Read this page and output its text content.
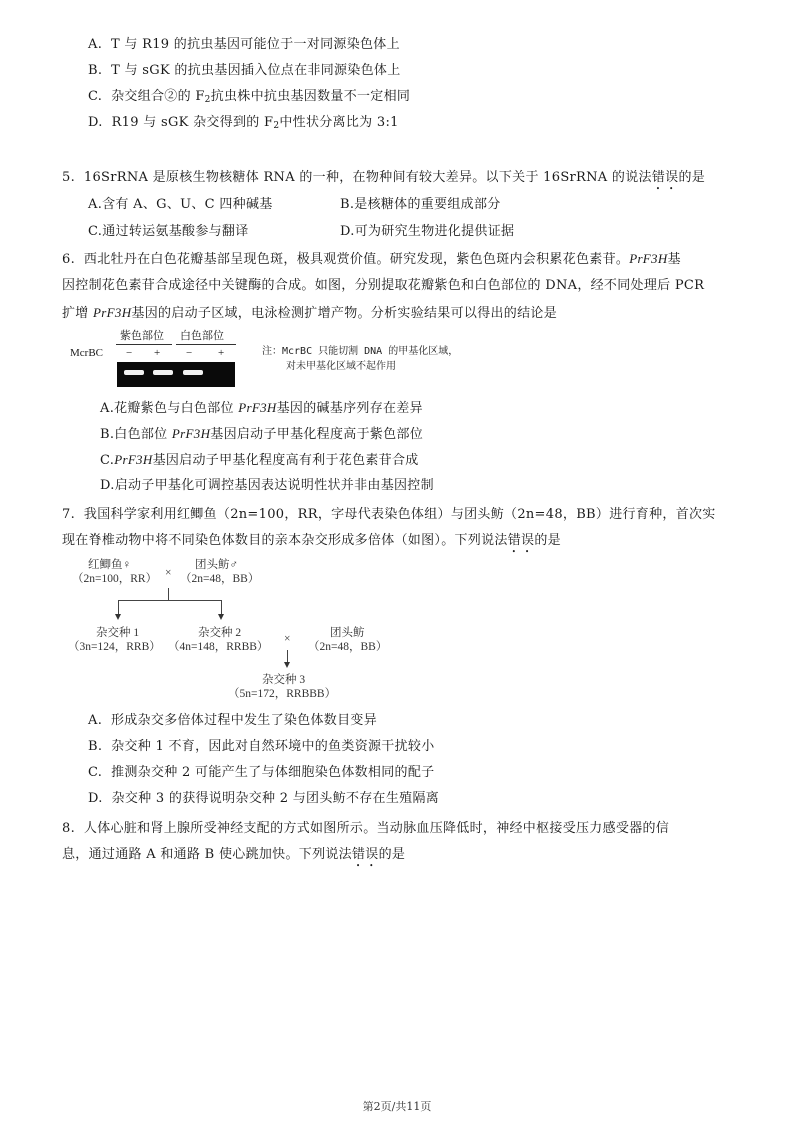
A. T 与 R19 的抗虫基因可能位于一对同源染色体上
B. T 与 sGK 的抗虫基因插入位点在非同源染色体上
C. 杂交组合②的 $F_2$抗虫株中抗虫基因数量不一定相同
D. R19 与 sGK 杂交得到的 $F_2$中性状分离比为 3:1
5. 16SrRNA 是原核生物核糖体 RNA 的一种，在物种间有较大差异。以下关于 16SrRNA 的说法错误的是
A.含有 A、G、U、C 四种碱基	B.是核糖体的重要组成部分
C.通过转运氨基酸参与翻译	D.可为研究生物进化提供证据
6. 西北牡丹在白色花瓣基部呈现色斑，极具观赏价值。研究发现，紫色色斑内会积累花色素苷。PrF3H基
因控制花色素苷合成途径中关键酶的合成。如图，分别提取花瓣紫色和白色部位的 DNA，经不同处理后 PCR
扩增 PrF3H基因的启动子区域，电泳检测扩增产物。分析实验结果可以得出的结论是
紫色部位 白色部位
McrBC − + − +	注：McrBC 只能切割 DNA 的甲基化区域，
对未甲基化区域不起作用
A.花瓣紫色与白色部位 PrF3H基因的碱基序列存在差异
B.白色部位 PrF3H基因启动子甲基化程度高于紫色部位
C.PrF3H基因启动子甲基化程度高有利于花色素苷合成
D.启动子甲基化可调控基因表达说明性状并非由基因控制
7. 我国科学家利用红鲫鱼（2n=100，RR，字母代表染色体组）与团头鲂（2n=48，BB）进行育种，首次实
现在脊椎动物中将不同染色体数目的亲本杂交形成多倍体（如图）。下列说法错误的是
红鲫鱼♀
（2n=100，RR） ×
团头鲂♂
（2n=48，BB）
杂交种 1
（3n=124，RRB）
杂交种 2
（4n=148，RRBB）
×	团头鲂
（2n=48，BB）
杂交种 3
（5n=172，RRBBB）
A. 形成杂交多倍体过程中发生了染色体数目变异
B. 杂交种 1 不育，因此对自然环境中的鱼类资源干扰较小
C. 推测杂交种 2 可能产生了与体细胞染色体数相同的配子
D. 杂交种 3 的获得说明杂交种 2 与团头鲂不存在生殖隔离
8. 人体心脏和肾上腺所受神经支配的方式如图所示。当动脉血压降低时，神经中枢接受压力感受器的信
息，通过通路 A 和通路 B 使心跳加快。下列说法错误的是
第2页/共11页
